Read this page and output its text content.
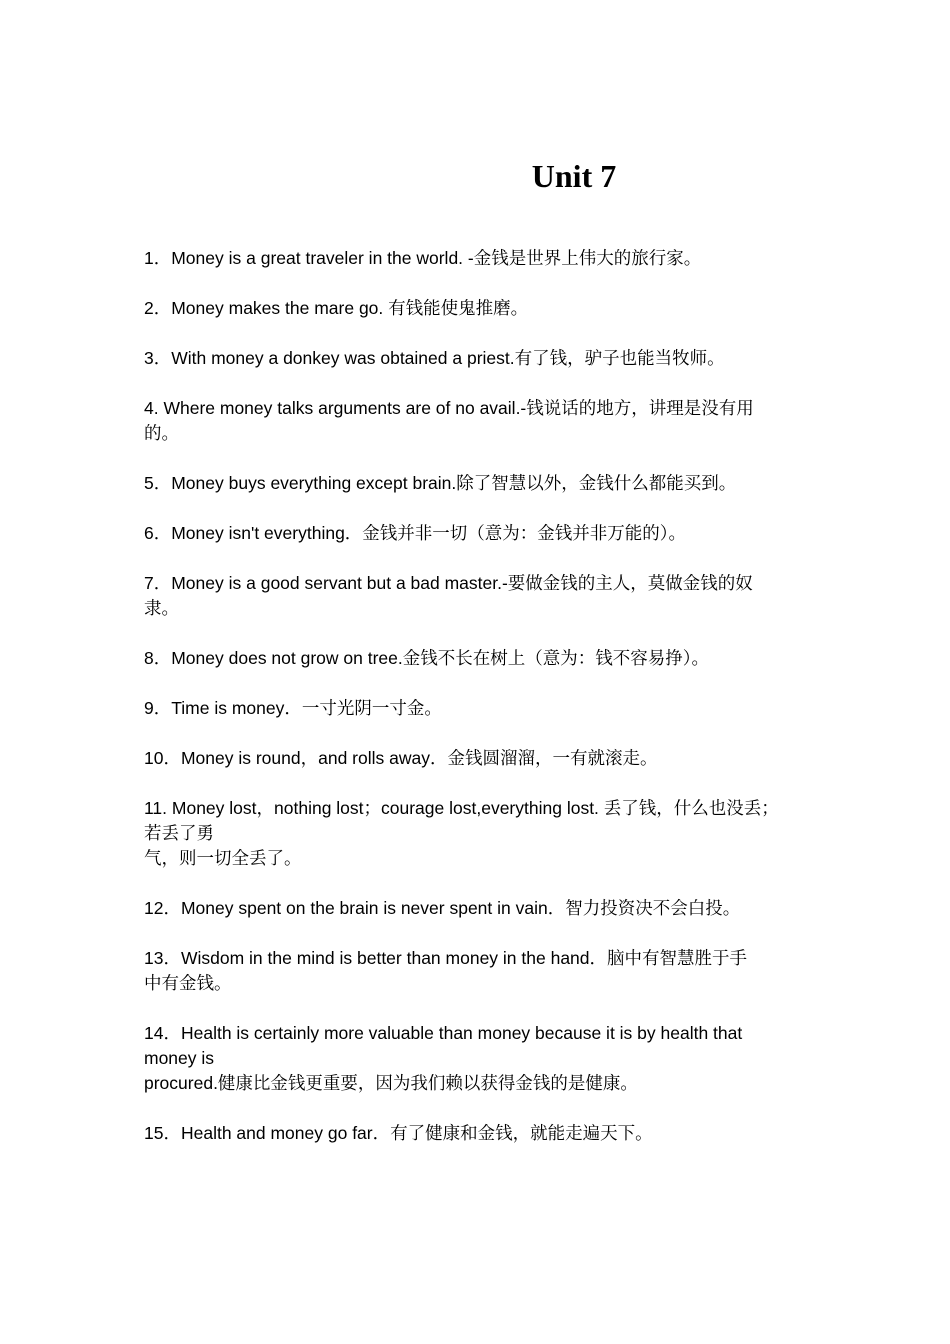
Unit 7
1．Money is a great traveler in the world. -金钱是世界上伟大的旅行家。
2．Money makes the mare go. 有钱能使鬼推磨。
3．With money a donkey was obtained a priest.有了钱，驴子也能当牧师。
4. Where money talks arguments are of no avail.-钱说话的地方，讲理是没有用
的。
5．Money buys everything except brain.除了智慧以外，金钱什么都能买到。
6．Money isn't everything．金钱并非一切（意为：金钱并非万能的）。
7．Money is a good servant but a bad master.-要做金钱的主人，莫做金钱的奴
隶。
8．Money does not grow on tree.金钱不长在树上（意为：钱不容易挣）。
9．Time is money．一寸光阴一寸金。
10．Money is round，and rolls away．金钱圆溜溜，一有就滚走。
11. Money lost，nothing lost；courage lost,everything lost. 丢了钱，什么也没丢；
若丢了勇
气，则一切全丢了。
12．Money spent on the brain is never spent in vain．智力投资决不会白投。
13．Wisdom in the mind is better than money in the hand．脑中有智慧胜于手
中有金钱。
14．Health is certainly more valuable than money because it is by health that
money is
procured.健康比金钱更重要，因为我们赖以获得金钱的是健康。
15．Health and money go far．有了健康和金钱，就能走遍天下。
